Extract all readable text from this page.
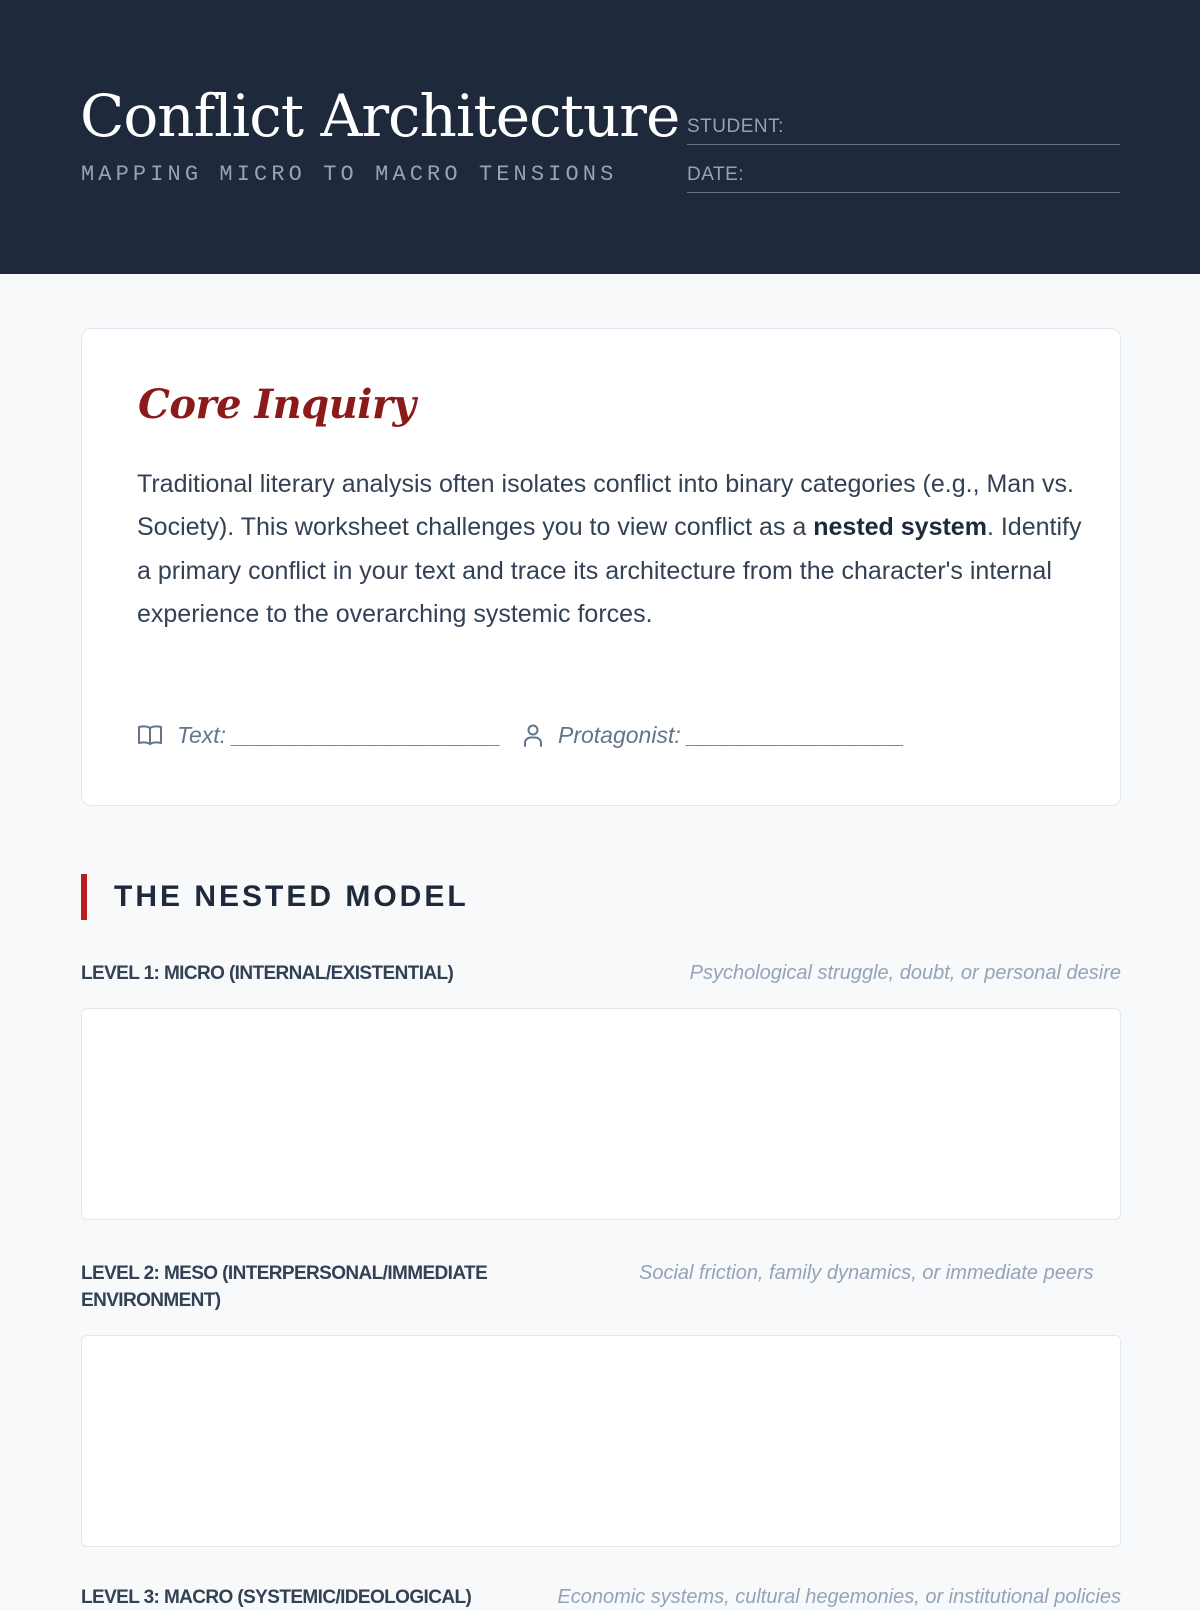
Conflict Architecture
MAPPING MICRO TO MACRO TENSIONS
STUDENT:
DATE:
Core Inquiry

Traditional literary analysis often isolates conflict into binary categories (e.g., Man vs. Society). This worksheet challenges you to view conflict as a nested system. Identify a primary conflict in your text and trace its architecture from the character's internal experience to the overarching systemic forces.

Text: _____________________ Protagonist: _________________
THE NESTED MODEL
LEVEL 1: MICRO (INTERNAL/EXISTENTIAL)	Psychological struggle, doubt, or personal desire
LEVEL 2: MESO (INTERPERSONAL/IMMEDIATE ENVIRONMENT)
Social friction, family dynamics, or immediate peers
LEVEL 3: MACRO (SYSTEMIC/IDEOLOGICAL)	Economic systems, cultural hegemonies, or institutional policies
